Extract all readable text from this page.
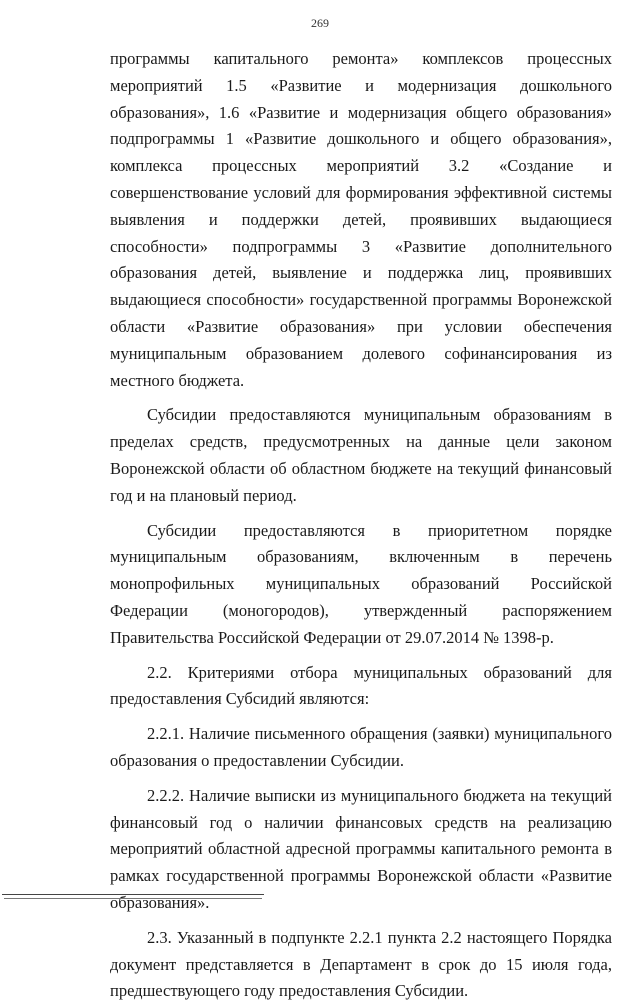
269

программы капитального ремонта» комплексов процессных мероприятий 1.5 «Развитие и модернизация дошкольного образования», 1.6 «Развитие и модернизация общего образования» подпрограммы 1 «Развитие дошкольного и общего образования», комплекса процессных мероприятий 3.2 «Создание и совершенствование условий для формирования эффективной системы выявления и поддержки детей, проявивших выдающиеся способности» подпрограммы 3 «Развитие дополнительного образования детей, выявление и поддержка лиц, проявивших выдающиеся способности» государственной программы Воронежской области «Развитие образования» при условии обеспечения муниципальным образованием долевого софинансирования из местного бюджета.

Субсидии предоставляются муниципальным образованиям в пределах средств, предусмотренных на данные цели законом Воронежской области об областном бюджете на текущий финансовый год и на плановый период.

Субсидии предоставляются в приоритетном порядке муниципальным образованиям, включенным в перечень монопрофильных муниципальных образований Российской Федерации (моногородов), утвержденный распоряжением Правительства Российской Федерации от 29.07.2014 № 1398-р.

2.2. Критериями отбора муниципальных образований для предоставления Субсидий являются:

2.2.1. Наличие письменного обращения (заявки) муниципального образования о предоставлении Субсидии.

2.2.2. Наличие выписки из муниципального бюджета на текущий финансовый год о наличии финансовых средств на реализацию мероприятий областной адресной программы капитального ремонта в рамках государственной программы Воронежской области «Развитие образования».

2.3. Указанный в подпункте 2.2.1 пункта 2.2 настоящего Порядка документ представляется в Департамент в срок до 15 июля года, предшествующего году предоставления Субсидии.
